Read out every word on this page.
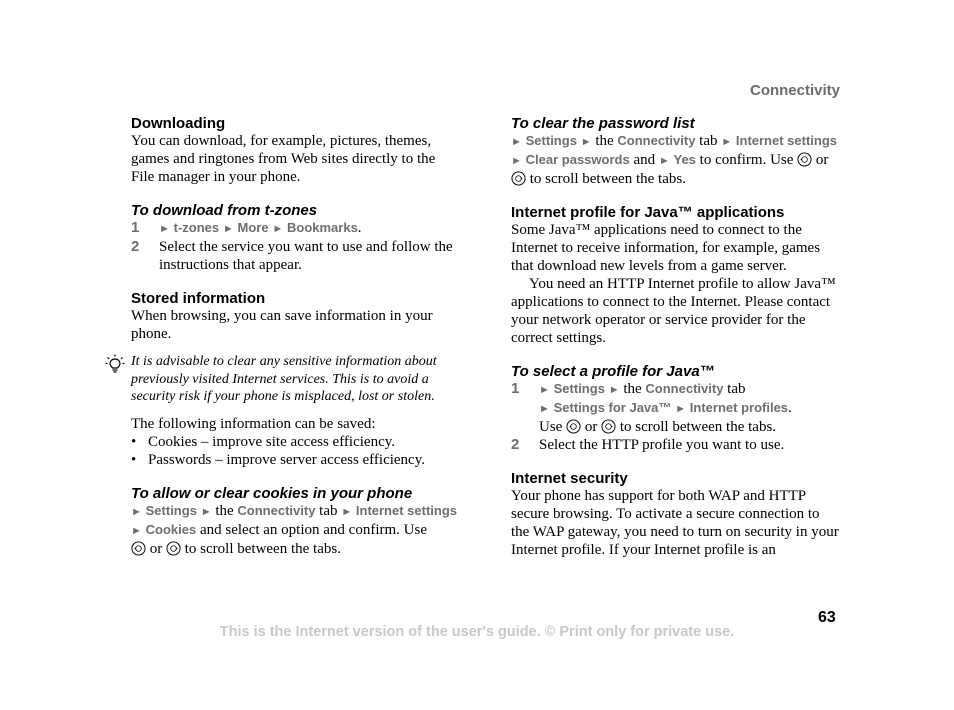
Connectivity
Downloading

You can download, for example, pictures, themes, games and ringtones from Web sites directly to the File manager in your phone.

To download from t-zones
1 ► t-zones ► More ► Bookmarks.
2 Select the service you want to use and follow the instructions that appear.
Stored information

When browsing, you can save information in your phone.

It is advisable to clear any sensitive information about previously visited Internet services. This is to avoid a security risk if your phone is misplaced, lost or stolen.

The following information can be saved:

• Cookies – improve site access efficiency.
• Passwords – improve server access efficiency.
To allow or clear cookies in your phone

► Settings ► the Connectivity tab ► Internet settings
► Cookies and select an option and confirm. Use
or to scroll between the tabs.

To clear the password list

► Settings ► the Connectivity tab ► Internet settings
► Clear passwords and ► Yes to confirm. Use or
to scroll between the tabs.

Internet profile for Java™ applications

Some Java™ applications need to connect to the Internet to receive information, for example, games that download new levels from a game server.

You need an HTTP Internet profile to allow Java™ applications to connect to the Internet. Please contact your network operator or service provider for the correct settings.

To select a profile for Java™
1 ► Settings ► the Connectivity tab
► Settings for Java™ ► Internet profiles.
Use or to scroll between the tabs.
2 Select the HTTP profile you want to use.
Internet security

Your phone has support for both WAP and HTTP secure browsing. To activate a secure connection to the WAP gateway, you need to turn on security in your Internet profile. If your Internet profile is an

63
This is the Internet version of the user's guide. © Print only for private use.
